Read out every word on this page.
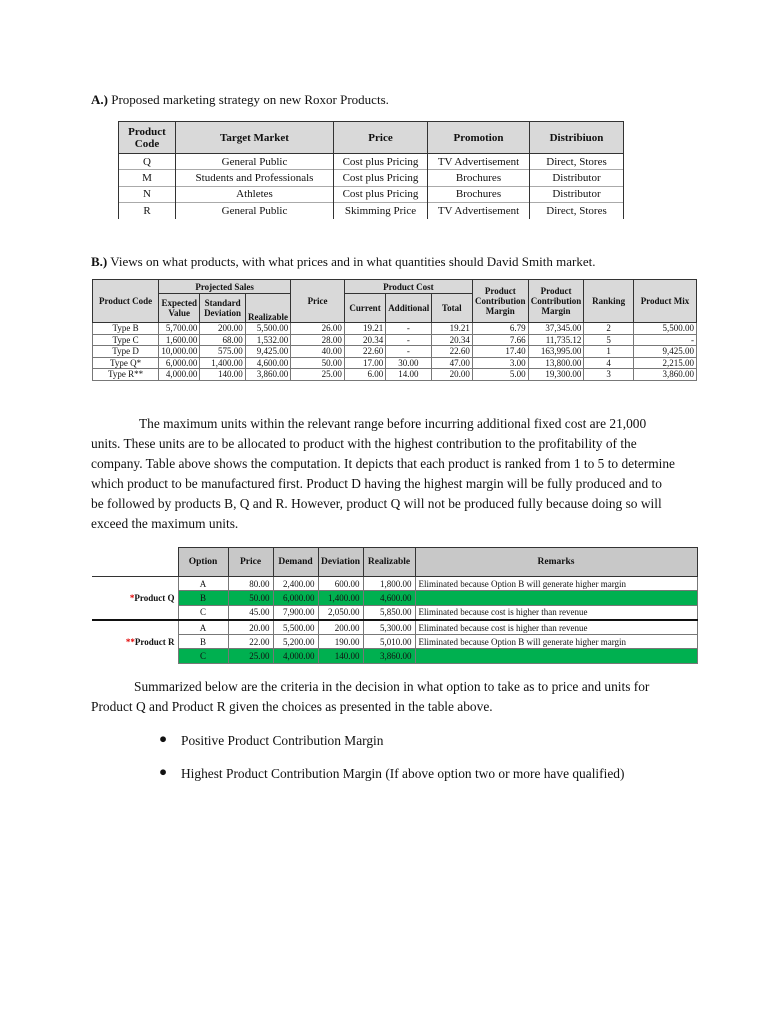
A.) Proposed marketing strategy on new Roxor Products.
Product Code	Target Market	Price	Promotion	Distribiuon
Q	General Public	Cost plus Pricing	TV Advertisement	Direct, Stores
M	Students and Professionals	Cost plus Pricing	Brochures	Distributor
N	Athletes	Cost plus Pricing	Brochures	Distributor
R	General Public	Skimming Price	TV Advertisement	Direct, Stores
B.) Views on what products, with what prices and in what quantities should David Smith market.
Product Code	Projected Sales			Price	Product Cost			Product Contribution Margin	Product Contribution Margin	Ranking	Product Mix
	Expected Value	Standard Deviation	Realizable		Current	Additional	Total				

Type B	5,700.00	200.00	5,500.00	26.00	19.21	-	19.21	6.79	37,345.00	2	5,500.00
Type C	1,600.00	68.00	1,532.00	28.00	20.34	-	20.34	7.66	11,735.12	5	-
Type D	10,000.00	575.00	9,425.00	40.00	22.60	-	22.60	17.40	163,995.00	1	9,425.00
Type Q*	6,000.00	1,400.00	4,600.00	50.00	17.00	30.00	47.00	3.00	13,800.00	4	2,215.00
Type R**	4,000.00	140.00	3,860.00	25.00	6.00	14.00	20.00	5.00	19,300.00	3	3,860.00
The maximum units within the relevant range before incurring additional fixed cost are 21,000 units. These units are to be allocated to product with the highest contribution to the profitability of the company. Table above shows the computation. It depicts that each product is ranked from 1 to 5 to determine which product to be manufactured first. Product D having the highest margin will be fully produced and to be followed by products B, Q and R. However, product Q will not be produced fully because doing so will exceed the maximum units.
	Option	Price	Demand	Deviation	Realizable	Remarks
*Product Q	A	80.00	2,400.00	600.00	1,800.00	Eliminated because Option B will generate higher margin
	B	50.00	6,000.00	1,400.00	4,600.00	
	C	45.00	7,900.00	2,050.00	5,850.00	Eliminated because cost is higher than revenue
**Product R	A	20.00	5,500.00	200.00	5,300.00	Eliminated because cost is higher than revenue
	B	22.00	5,200.00	190.00	5,010.00	Eliminated because Option B will generate higher margin
	C	25.00	4,000.00	140.00	3,860.00	
Summarized below are the criteria in the decision in what option to take as to price and units for Product Q and Product R given the choices as presented in the table above.
● Positive Product Contribution Margin
● Highest Product Contribution Margin (If above option two or more have qualified)
